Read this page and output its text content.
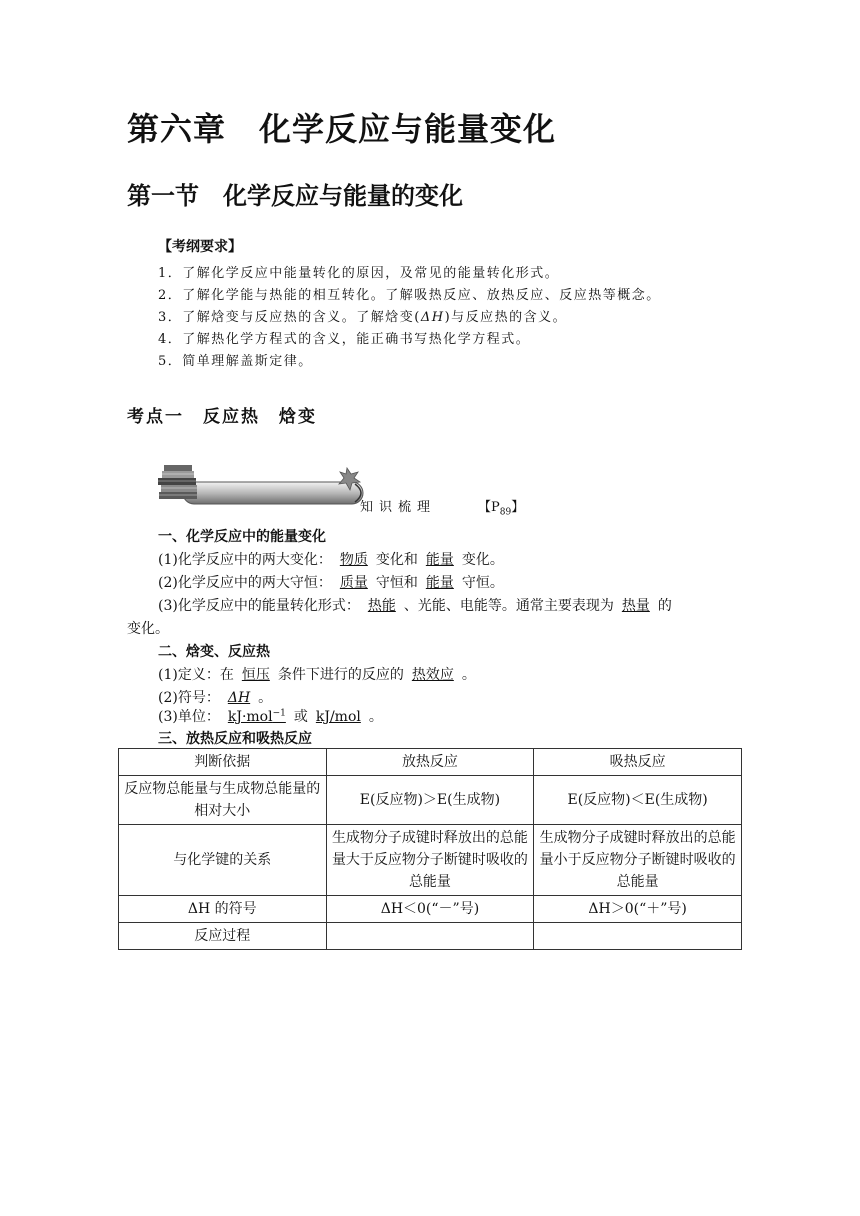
第六章　化学反应与能量变化
第一节　化学反应与能量的变化
【考纲要求】
1．了解化学反应中能量转化的原因，及常见的能量转化形式。
2．了解化学能与热能的相互转化。了解吸热反应、放热反应、反应热等概念。
3．了解焓变与反应热的含义。了解焓变(ΔH)与反应热的含义。
4．了解热化学方程式的含义，能正确书写热化学方程式。
5．简单理解盖斯定律。
考点一　反应热　焓变
知识梳理	【$P_{89}$】
一、化学反应中的能量变化
(1)化学反应中的两大变化： 物质 变化和 能量 变化。
(2)化学反应中的两大守恒： 质量 守恒和 能量 守恒。
(3)化学反应中的能量转化形式： 热能 、光能、电能等。通常主要表现为 热量 的
变化。
二、焓变、反应热
(1)定义：在 恒压 条件下进行的反应的 热效应 。
(2)符号： ΔH 。
(3)单位： kJ·mol$^{-1}$ 或 kJ/mol 。
三、放热反应和吸热反应
判断依据	放热反应	吸热反应
反应物总能量与生成物总能量的相对大小	E(反应物)＞E(生成物)	E(反应物)＜E(生成物)
与化学键的关系	生成物分子成键时释放出的总能量大于反应物分子断键时吸收的总能量	生成物分子成键时释放出的总能量小于反应物分子断键时吸收的总能量
ΔH 的符号	ΔH＜0(“－”号)	ΔH＞0(“＋”号)
反应过程		
